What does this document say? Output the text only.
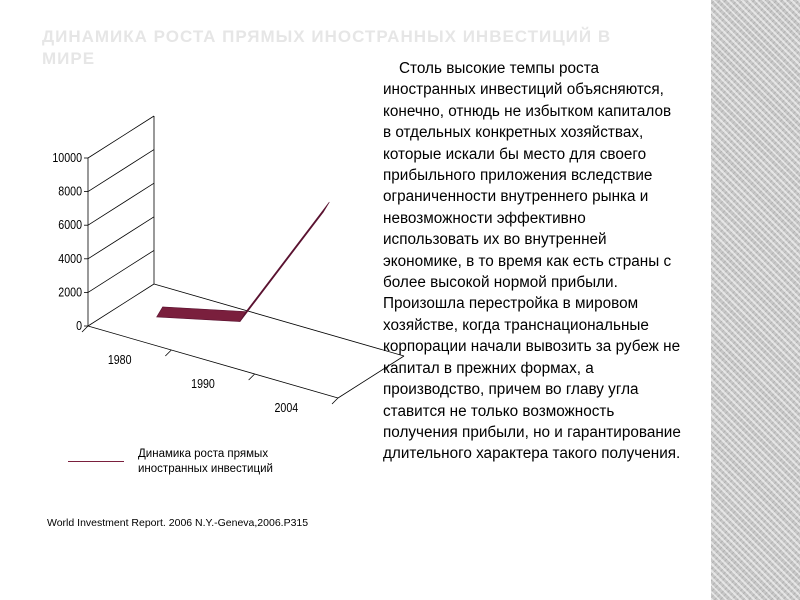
ДИНАМИКА РОСТА ПРЯМЫХ ИНОСТРАННЫХ ИНВЕСТИЦИЙ В МИРЕ
0
2000
4000
6000
8000
10000
1980
1990
2004
Динамика роста прямых иностранных инвестиций
World Investment Report. 2006 N.Y.-Geneva,2006.P315
Столь высокие темпы роста иностранных инвестиций объясняются, конечно, отнюдь не избытком капиталов в отдельных конкретных хозяйствах, которые искали бы место для своего прибыльного приложения вследствие ограниченности внутреннего рынка и невозможности эффективно использовать их во внутренней экономике, в то время как есть страны с более высокой нормой прибыли. Произошла перестройка в мировом хозяйстве, когда транснациональные корпорации начали вывозить за рубеж не капитал в прежних формах, а производство, причем во главу угла ставится не только возможность получения прибыли, но и гарантирование длительного характера такого получения.
